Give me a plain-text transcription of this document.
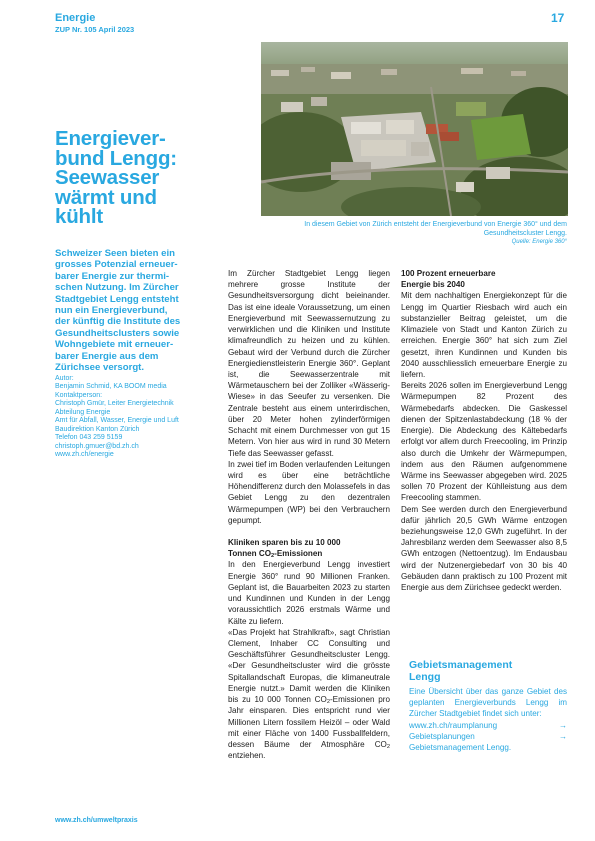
Energie
ZUP Nr. 105 April 2023
17
In diesem Gebiet von Zürich entsteht der Energieverbund von Energie 360° und dem Gesundheitscluster Lengg.
Quelle: Energie 360°
Energiever-
bund Lengg:
Seewasser
wärmt und
kühlt
Schweizer Seen bieten ein
grosses Potenzial erneuer-
barer Energie zur thermi-
schen Nutzung. Im Zürcher
Stadtgebiet Lengg entsteht
nun ein Energieverbund,
der künftig die Institute des
Gesundheitsclusters sowie
Wohngebiete mit erneuer-
barer Energie aus dem
Zürichsee versorgt.
Autor:
Benjamin Schmid, KA BOOM media
Kontaktperson:
Christoph Gmür, Leiter Energietechnik
Abteilung Energie
Amt für Abfall, Wasser, Energie und Luft
Baudirektion Kanton Zürich
Telefon 043 259 5159
christoph.gmuer@bd.zh.ch
www.zh.ch/energie

Im Zürcher Stadtgebiet Lengg liegen mehrere grosse Institute der Gesundheitsversorgung dicht beieinander. Das ist eine ideale Voraussetzung, um einen Energieverbund mit Seewassernutzung zu verwirklichen und die Kliniken und Institute klimafreundlich zu heizen und zu kühlen. Gebaut wird der Verbund durch die Zürcher Energiedienstleisterin Energie 360°. Geplant ist, die Seewasserzentrale mit Wärmetauschern bei der Zolliker «Wässerig-Wiese» in das Seeufer zu versenken. Die Zentrale besteht aus einem unterirdischen, über 20 Meter hohen zylinderförmigen Schacht mit einem Durchmesser von gut 15 Metern. Von hier aus wird in rund 30 Metern Tiefe das Seewasser gefasst.

In zwei tief im Boden verlaufenden Leitungen wird es über eine beträchtliche Höhendifferenz durch den Molassefels in das Gebiet Lengg zu den dezentralen Wärmepumpen (WP) bei den Verbrauchern gepumpt.

Kliniken sparen bis zu 10 000
Tonnen $CO_2$-Emissionen

In den Energieverbund Lengg investiert Energie 360° rund 90 Millionen Franken. Geplant ist, die Bauarbeiten 2023 zu starten und Kundinnen und Kunden in der Lengg voraussichtlich 2026 erstmals Wärme und Kälte zu liefern.

«Das Projekt hat Strahlkraft», sagt Christian Clement, Inhaber CC Consulting und Geschäftsführer Gesundheitscluster Lengg. «Der Gesundheitscluster wird die grösste Spitallandschaft Europas, die klimaneutrale Energie nutzt.» Damit werden die Kliniken bis zu 10 000 Tonnen $CO_2$-Emissionen pro Jahr einsparen. Dies entspricht rund vier Millionen Litern fossilem Heizöl – oder Wald mit einer Fläche von 1400 Fussballfeldern, dessen Bäume der Atmosphäre $CO_2$ entziehen.

100 Prozent erneuerbare Energie bis 2040

Mit dem nachhaltigen Energiekonzept für die Lengg im Quartier Riesbach wird auch ein substanzieller Beitrag geleistet, um die Klimaziele von Stadt und Kanton Zürich zu erreichen. Energie 360° hat sich zum Ziel gesetzt, ihren Kundinnen und Kunden bis 2040 ausschliesslich erneuerbare Energie zu liefern.

Bereits 2026 sollen im Energieverbund Lengg Wärmepumpen 82 Prozent des Wärmebedarfs abdecken. Die Gaskessel dienen der Spitzenlastabdeckung (18 % der Energie). Die Abdeckung des Kältebedarfs erfolgt vor allem durch Freecooling, im Prinzip also durch die Umkehr der Wärmepumpen, indem aus den Räumen aufgenommene Wärme ins Seewasser abgegeben wird. 2025 sollen 70 Prozent der Kühlleistung aus dem Freecooling stammen.

Dem See werden durch den Energieverbund dafür jährlich 20,5 GWh Wärme entzogen beziehungsweise 12,0 GWh zugeführt. In der Jahresbilanz werden dem Seewasser also 8,5 GWh entzogen (Nettoentzug). Im Endausbau wird der Nutzenergiebedarf von 30 bis 40 Gebäuden dann praktisch zu 100 Prozent mit Energie aus dem Zürichsee gedeckt werden.

Gebietsmanagement
Lengg
Eine Übersicht über das ganze Gebiet des geplanten Energieverbunds Lengg im Zürcher Stadtgebiet findet sich unter:
www.zh.ch/raumplanung	→
Gebietsplanungen	→
Gebietsmanagement Lengg.
www.zh.ch/umweltpraxis
